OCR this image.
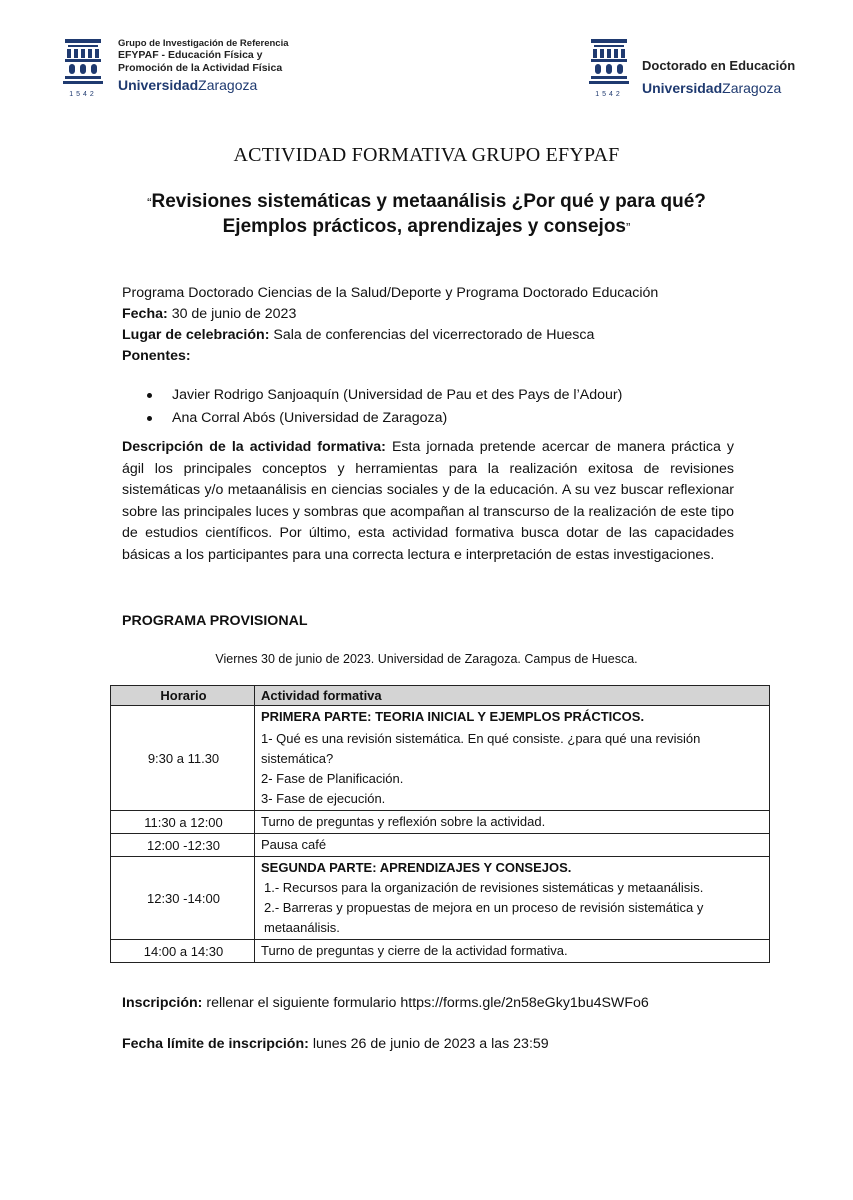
1542
Grupo de Investigación de Referencia
EFYPAF - Educación Física y
Promoción de la Actividad Física
UniversidadZaragoza
1542
Doctorado en Educación
UniversidadZaragoza
ACTIVIDAD FORMATIVA GRUPO EFYPAF
“Revisiones sistemáticas y metaanálisis ¿Por qué y para qué?
Ejemplos prácticos, aprendizajes y consejos”
Programa Doctorado Ciencias de la Salud/Deporte y Programa Doctorado Educación
Fecha: 30 de junio de 2023
Lugar de celebración: Sala de conferencias del vicerrectorado de Huesca
Ponentes:
Javier Rodrigo Sanjoaquín (Universidad de Pau et des Pays de l’Adour)
Ana Corral Abós (Universidad de Zaragoza)
Descripción de la actividad formativa: Esta jornada pretende acercar de manera práctica y ágil los principales conceptos y herramientas para la realización exitosa de revisiones sistemáticas y/o metaanálisis en ciencias sociales y de la educación. A su vez buscar reflexionar sobre las principales luces y sombras que acompañan al transcurso de la realización de este tipo de estudios científicos. Por último, esta actividad formativa busca dotar de las capacidades básicas a los participantes para una correcta lectura e interpretación de estas investigaciones.
PROGRAMA PROVISIONAL
Viernes 30 de junio de 2023. Universidad de Zaragoza. Campus de Huesca.
Horario	Actividad formativa
9:30 a 11.30	PRIMERA PARTE: TEORIA INICIAL Y EJEMPLOS PRÁCTICOS.
1- Qué es una revisión sistemática. En qué consiste. ¿para qué una revisión sistemática?
2- Fase de Planificación.
3- Fase de ejecución.

11:30 a 12:00	Turno de preguntas y reflexión sobre la actividad.
12:00 -12:30	Pausa café
12:30 -14:00	SEGUNDA PARTE: APRENDIZAJES Y CONSEJOS.
1.- Recursos para la organización de revisiones sistemáticas y metaanálisis.
2.- Barreras y propuestas de mejora en un proceso de revisión sistemática y metaanálisis.

14:00 a 14:30	Turno de preguntas y cierre de la actividad formativa.
Inscripción: rellenar el siguiente formulario https://forms.gle/2n58eGky1bu4SWFo6
Fecha límite de inscripción: lunes 26 de junio de 2023 a las 23:59
